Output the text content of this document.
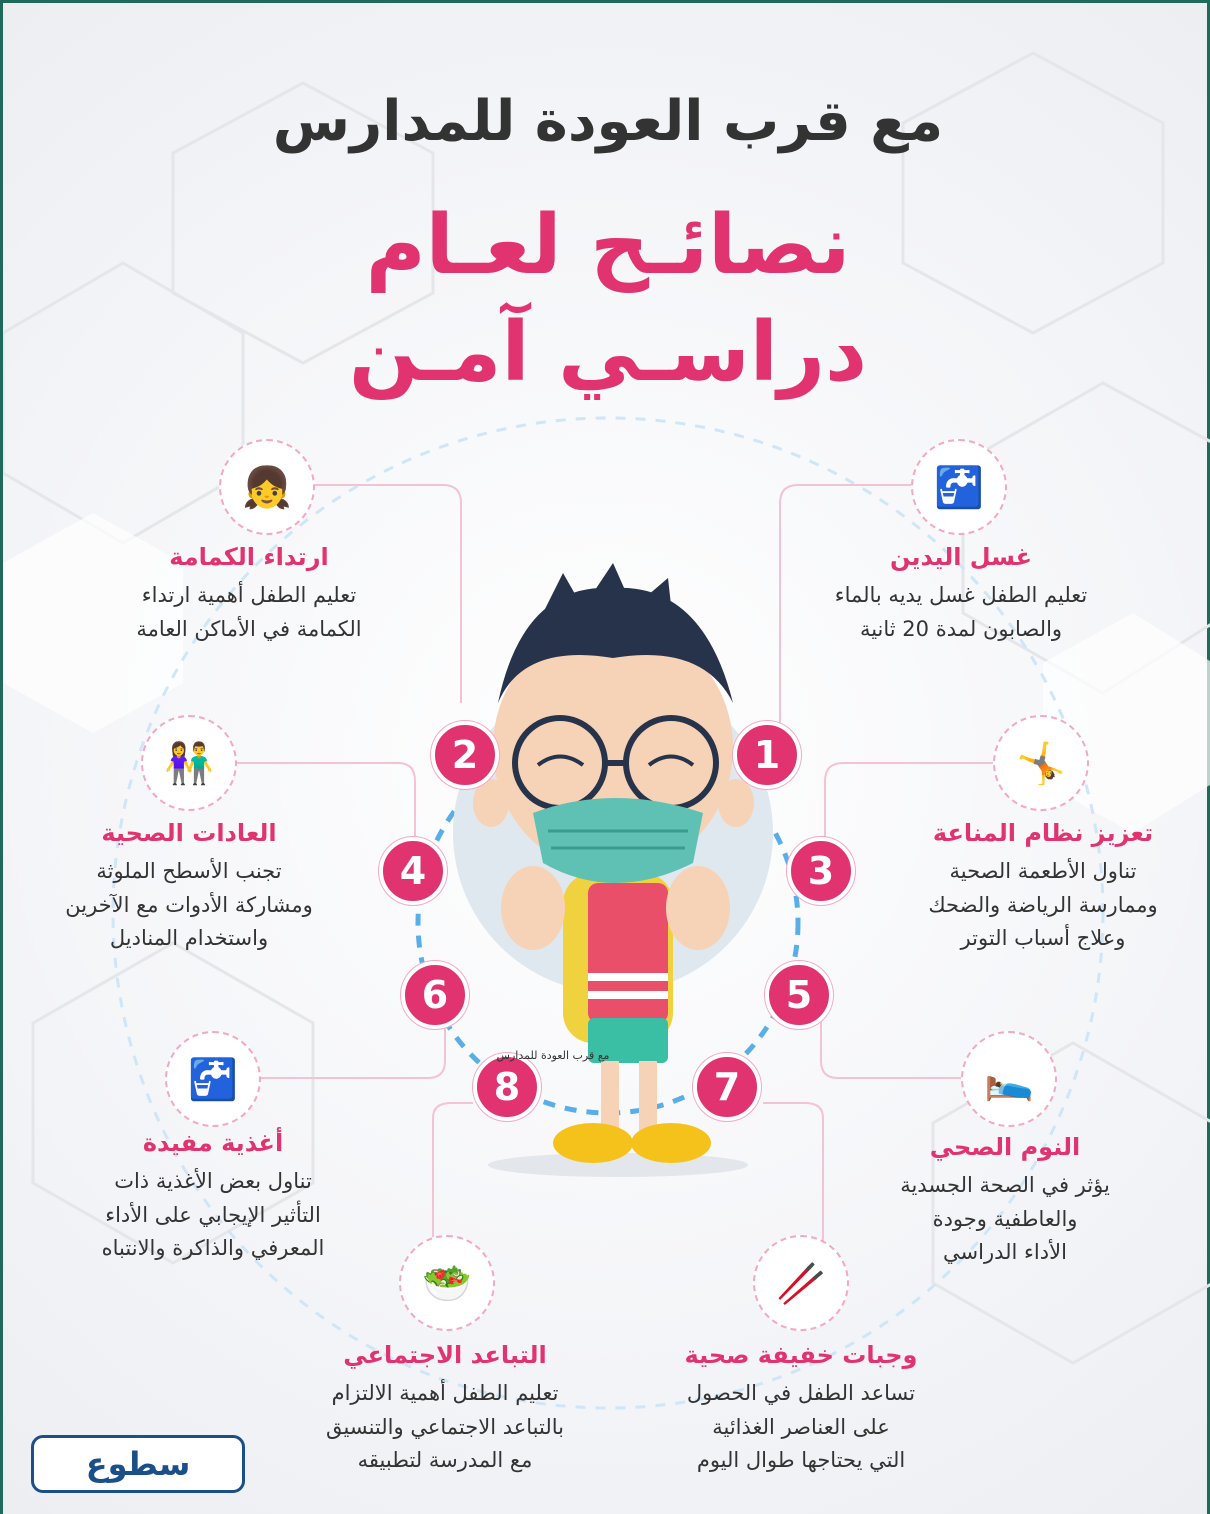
مع قرب العودة للمدارس
نصائـح لعـام
دراسـي آمـن
🚰
👧
🤸
👫
🛌
🚰
🥢
🥗
1
2
3
4
5
6
7
8
غسل اليدين
تعليم الطفل غسل يديه بالماء
والصابون لمدة 20 ثانية
ارتداء الكمامة
تعليم الطفل أهمية ارتداء
الكمامة في الأماكن العامة
تعزيز نظام المناعة
تناول الأطعمة الصحية
وممارسة الرياضة والضحك
وعلاج أسباب التوتر
العادات الصحية
تجنب الأسطح الملوثة
ومشاركة الأدوات مع الآخرين
واستخدام المناديل
النوم الصحي
يؤثر في الصحة الجسدية
والعاطفية وجودة
الأداء الدراسي
أغذية مفيدة
تناول بعض الأغذية ذات
التأثير الإيجابي على الأداء
المعرفي والذاكرة والانتباه
وجبات خفيفة صحية
تساعد الطفل في الحصول
على العناصر الغذائية
التي يحتاجها طوال اليوم
التباعد الاجتماعي
تعليم الطفل أهمية الالتزام
بالتباعد الاجتماعي والتنسيق
مع المدرسة لتطبيقه
مع قرب العودة للمدارس
سطوع
